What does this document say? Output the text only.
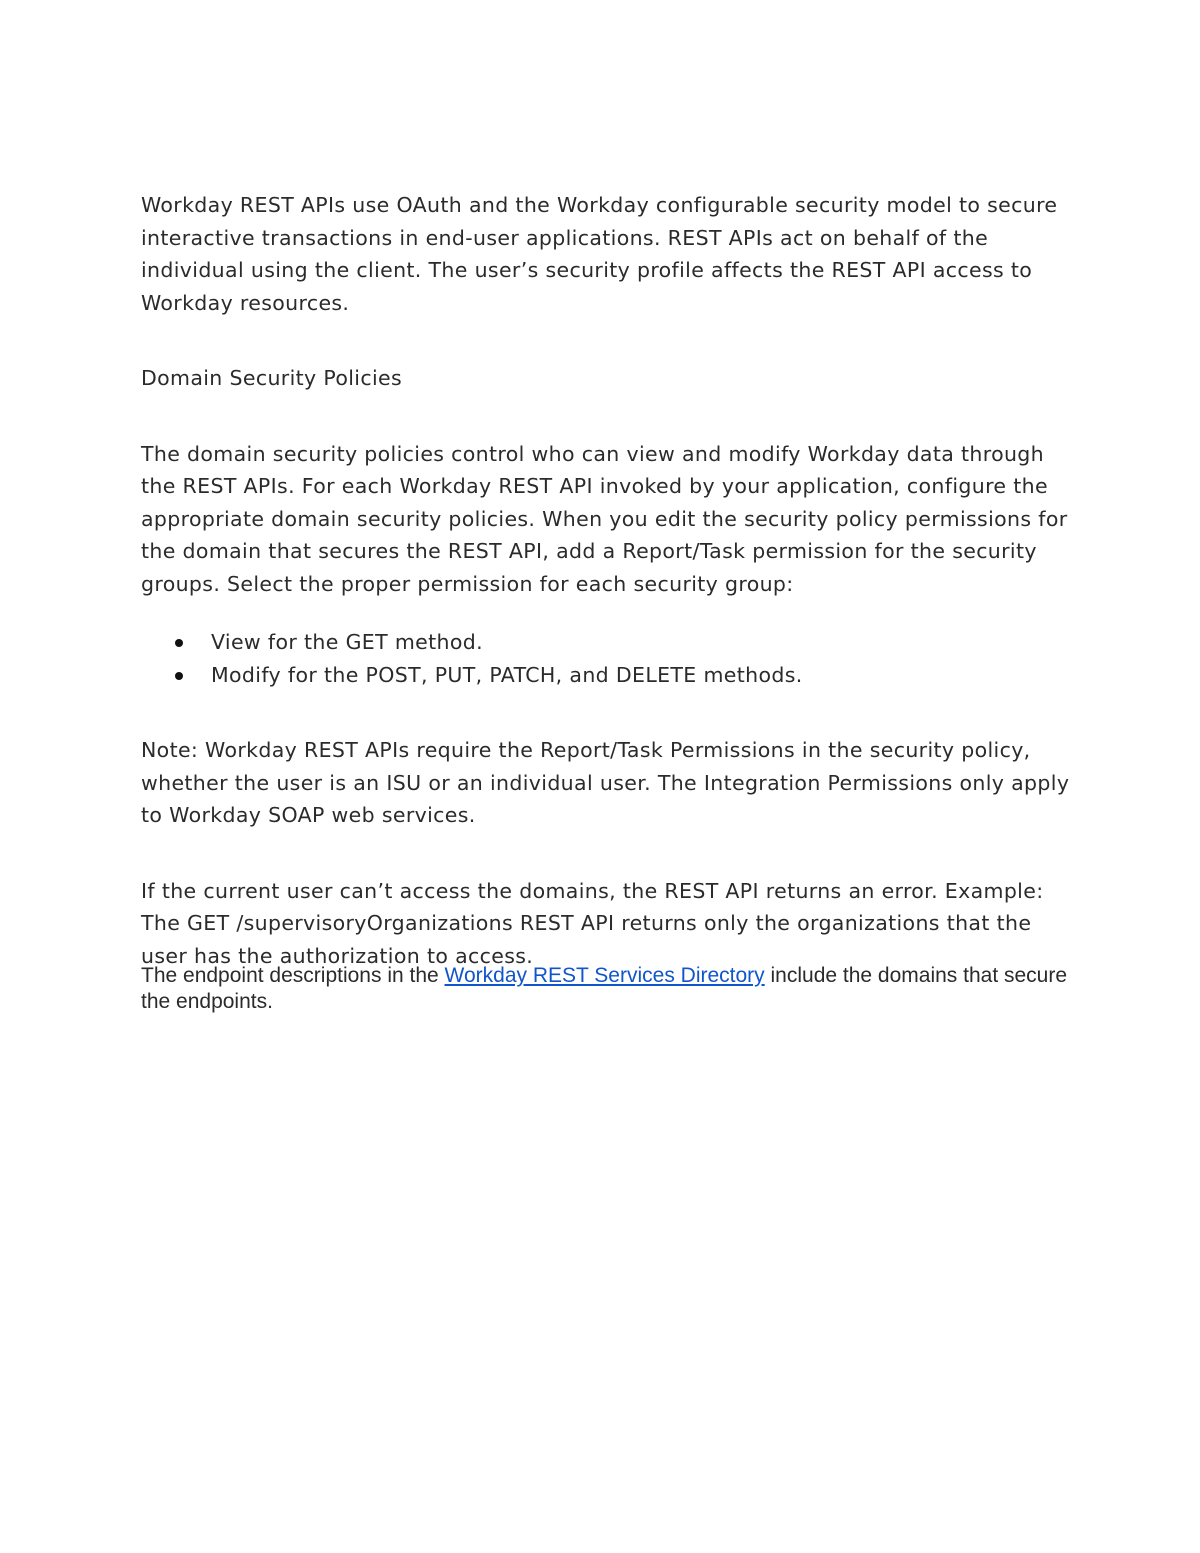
Workday REST APIs use OAuth and the Workday configurable security model to secure interactive transactions in end-user applications. REST APIs act on behalf of the individual using the client. The user’s security profile affects the REST API access to Workday resources.

Domain Security Policies

The domain security policies control who can view and modify Workday data through the REST APIs. For each Workday REST API invoked by your application, configure the appropriate domain security policies. When you edit the security policy permissions for the domain that secures the REST API, add a Report/Task permission for the security groups. Select the proper permission for each security group:

View for the GET method.
Modify for the POST, PUT, PATCH, and DELETE methods.

Note: Workday REST APIs require the Report/Task Permissions in the security policy, whether the user is an ISU or an individual user. The Integration Permissions only apply to Workday SOAP web services.

If the current user can’t access the domains, the REST API returns an error. Example: The GET /supervisoryOrganizations REST API returns only the organizations that the user has the authorization to access.

The endpoint descriptions in the Workday REST Services Directory include the domains that secure the endpoints.
